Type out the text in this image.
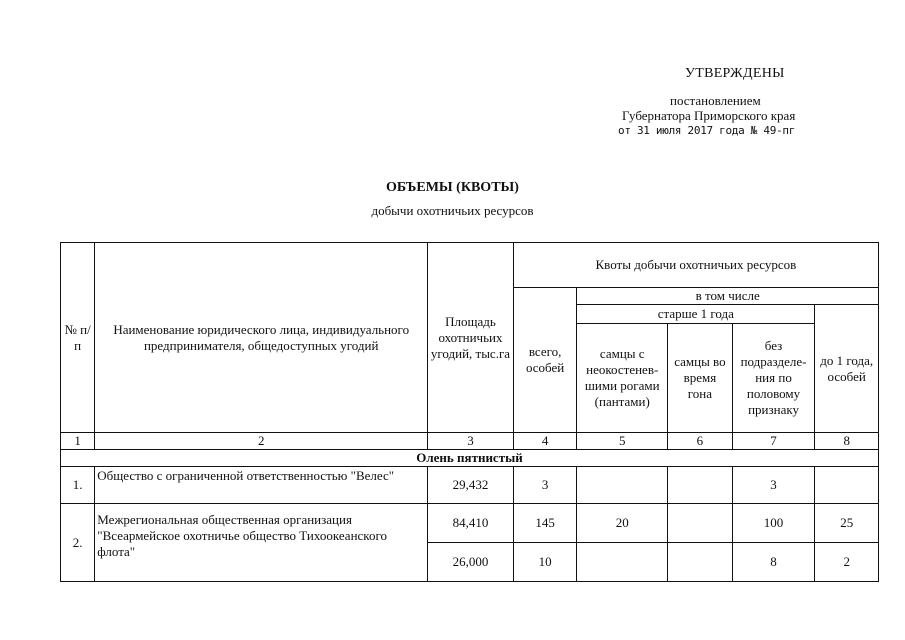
УТВЕРЖДЕНЫ
постановлением
Губернатора Приморского края
от 31 июля 2017 года № 49-пг
ОБЪЕМЫ (КВОТЫ)
добычи охотничьих ресурсов
№ п/п	Наименование юридического лица, индивидуального предпринимателя, общедоступных угодий	Площадь охотничьих угодий, тыс.га	Квоты добычи охотничьих ресурсов				
			всего, особей	в том числе			
				старше 1 года			до 1 года, особей
				самцы с неокостенев-шими рогами (пантами)	самцы во время гона	без подразделе-ния по половому признаку	
1	2	3	4	5	6	7	8
Олень пятнистый							
1.	Общество с ограниченной ответственностью "Велес"	29,432	3			3	
2.	Межрегиональная общественная организация "Всеармейское охотничье общество Тихоокеанского флота"	84,410	145	20		100	25
		26,000	10			8	2
